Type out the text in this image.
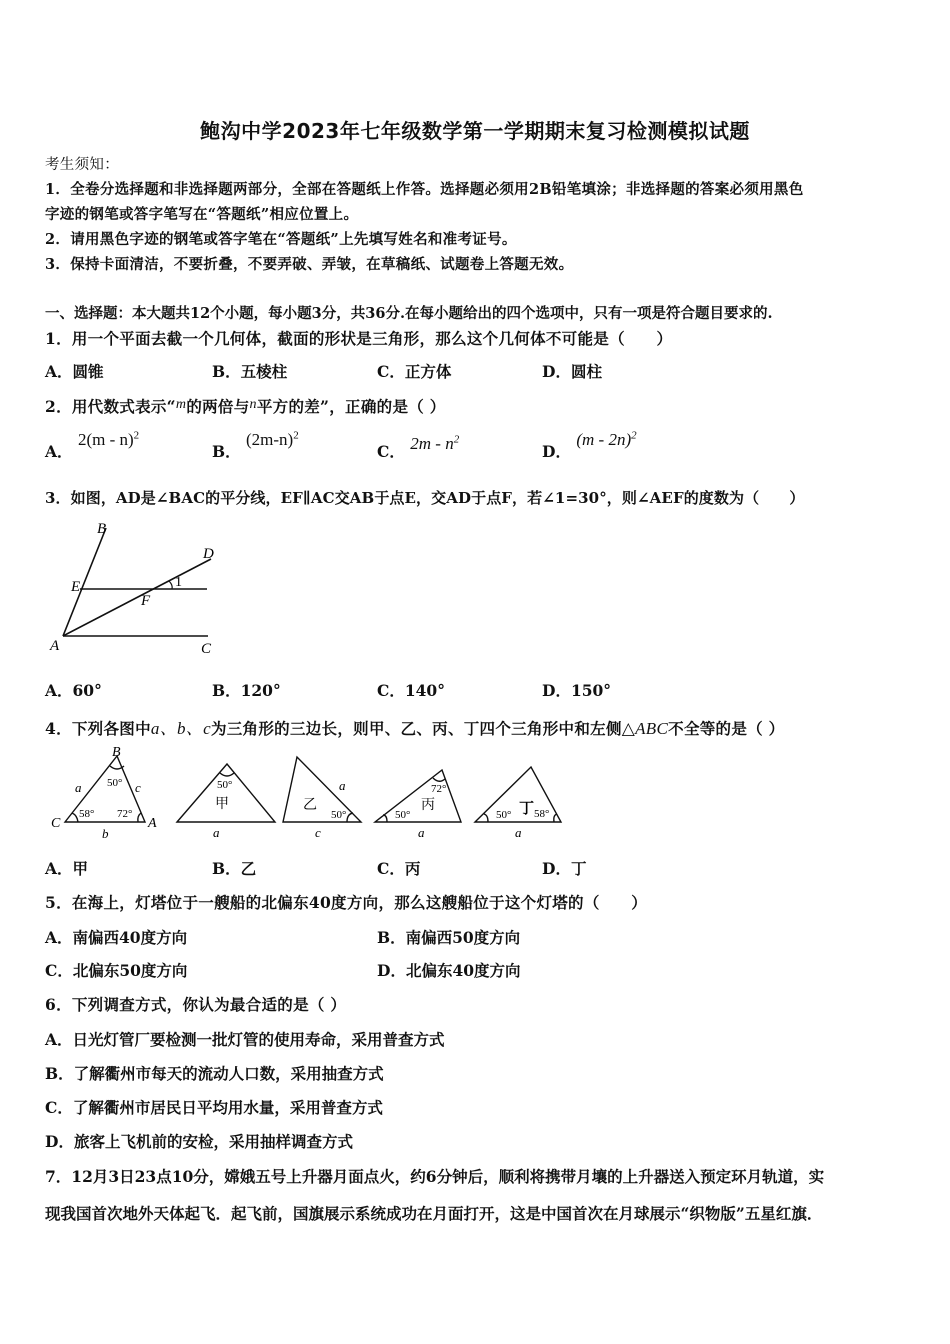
鲍沟中学2023年七年级数学第一学期期末复习检测模拟试题
考生须知：
1．全卷分选择题和非选择题两部分，全部在答题纸上作答。选择题必须用2B铅笔填涂；非选择题的答案必须用黑色
字迹的钢笔或答字笔写在“答题纸”相应位置上。
2．请用黑色字迹的钢笔或答字笔在“答题纸”上先填写姓名和准考证号。
3．保持卡面清洁，不要折叠，不要弄破、弄皱，在草稿纸、试题卷上答题无效。
一、选择题：本大题共12个小题，每小题3分，共36分.在每小题给出的四个选项中，只有一项是符合题目要求的.
1．用一个平面去截一个几何体，截面的形状是三角形，那么这个几何体不可能是（　　）
A．圆锥	B．五棱柱	C．正方体	D．圆柱
2．用代数式表示“m的两倍与n平方的差”，正确的是（ ）
A． 2(m - n)$^2$
B． $(2m-n)^2$
C． $2m - n^2$
D． (m - 2n)$^2$
3．如图，AD是∠BAC的平分线，EF∥AC交AB于点E，交AD于点F，若∠1=30°，则∠AEF的度数为（　　）
B
D
E
F
1
A	C
A．60°	B．120°	C．140°	D．150°
4．下列各图中a、b、c为三角形的三边长，则甲、乙、丙、丁四个三角形中和左侧△ABC不全等的是（ ）
B
C	A
a	c
b
50°
58° 72°
50°
甲
a
乙
a
50°
c
72°
丙
50°
a
50° 丁 58°
a
A．甲	B．乙	C．丙	D．丁
5．在海上，灯塔位于一艘船的北偏东40度方向，那么这艘船位于这个灯塔的（　　）
A．南偏西40度方向	B．南偏西50度方向
C．北偏东50度方向	D．北偏东40度方向
6．下列调查方式，你认为最合适的是（ ）
A．日光灯管厂要检测一批灯管的使用寿命，采用普查方式
B．了解衢州市每天的流动人口数，采用抽查方式
C．了解衢州市居民日平均用水量，采用普查方式
D．旅客上飞机前的安检，采用抽样调查方式
7．12月3日23点10分，嫦娥五号上升器月面点火，约6分钟后，顺利将携带月壤的上升器送入预定环月轨道，实
现我国首次地外天体起飞．起飞前，国旗展示系统成功在月面打开，这是中国首次在月球展示“织物版”五星红旗．
